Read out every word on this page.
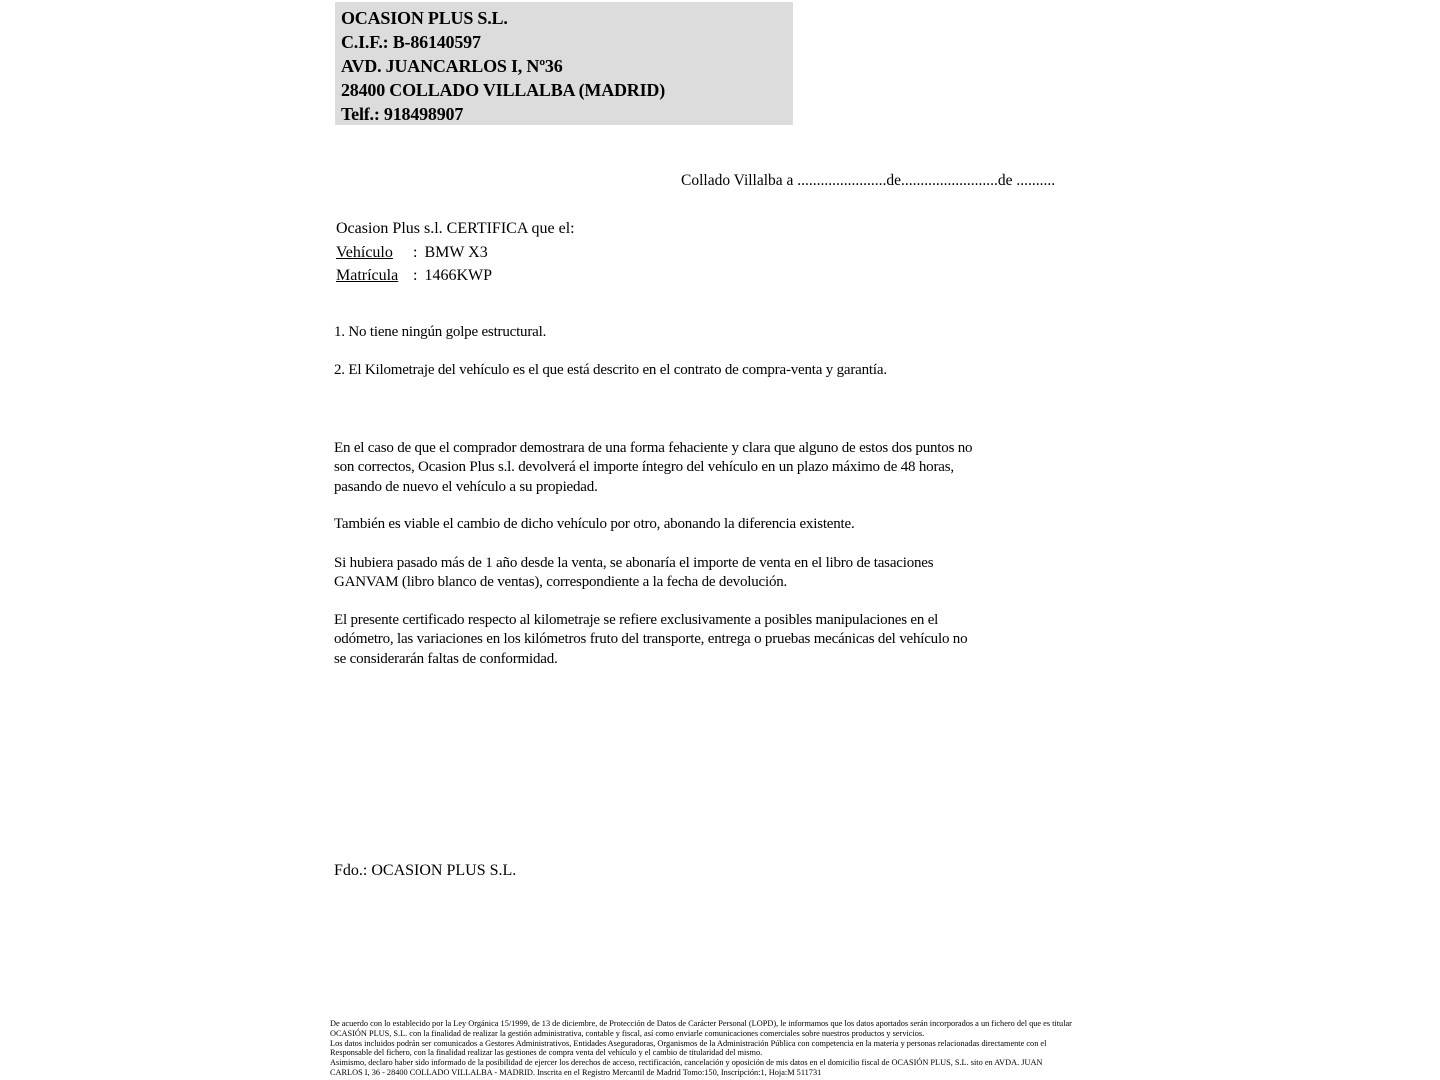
OCASION PLUS S.L.
C.I.F.: B-86140597
AVD. JUANCARLOS I, Nº36
28400 COLLADO VILLALBA (MADRID)
Telf.: 918498907
Collado Villalba a .......................de.........................de ..........
Ocasion Plus s.l. CERTIFICA que el:
Vehículo : BMW X3
Matrícula : 1466KWP
1. No tiene ningún golpe estructural.
2. El Kilometraje del vehículo es el que está descrito en el contrato de compra-venta y garantía.
En el caso de que el comprador demostrara de una forma fehaciente y clara que alguno de estos dos puntos no
son correctos, Ocasion Plus s.l. devolverá el importe íntegro del vehículo en un plazo máximo de 48 horas,
pasando de nuevo el vehículo a su propiedad.
También es viable el cambio de dicho vehículo por otro, abonando la diferencia existente.
Si hubiera pasado más de 1 año desde la venta, se abonaría el importe de venta en el libro de tasaciones
GANVAM (libro blanco de ventas), correspondiente a la fecha de devolución.
El presente certificado respecto al kilometraje se refiere exclusivamente a posibles manipulaciones en el
odómetro, las variaciones en los kilómetros fruto del transporte, entrega o pruebas mecánicas del vehículo no
se considerarán faltas de conformidad.
Fdo.: OCASION PLUS S.L.
De acuerdo con lo establecido por la Ley Orgánica 15/1999, de 13 de diciembre, de Protección de Datos de Carácter Personal (LOPD), le informamos que los datos aportados serán incorporados a un fichero del que es titular
OCASIÓN PLUS, S.L. con la finalidad de realizar la gestión administrativa, contable y fiscal, así como enviarle comunicaciones comerciales sobre nuestros productos y servicios.
Los datos incluidos podrán ser comunicados a Gestores Administrativos, Entidades Aseguradoras, Organismos de la Administración Pública con competencia en la materia y personas relacionadas directamente con el
Responsable del fichero, con la finalidad realizar las gestiones de compra venta del vehículo y el cambio de titularidad del mismo.
Asimismo, declaro haber sido informado de la posibilidad de ejercer los derechos de acceso, rectificación, cancelación y oposición de mis datos en el domicilio fiscal de OCASIÓN PLUS, S.L. sito en AVDA. JUAN
CARLOS I, 36 - 28400 COLLADO VILLALBA - MADRID. Inscrita en el Registro Mercantil de Madrid Tomo:150, Inscripción:1, Hoja:M 511731
